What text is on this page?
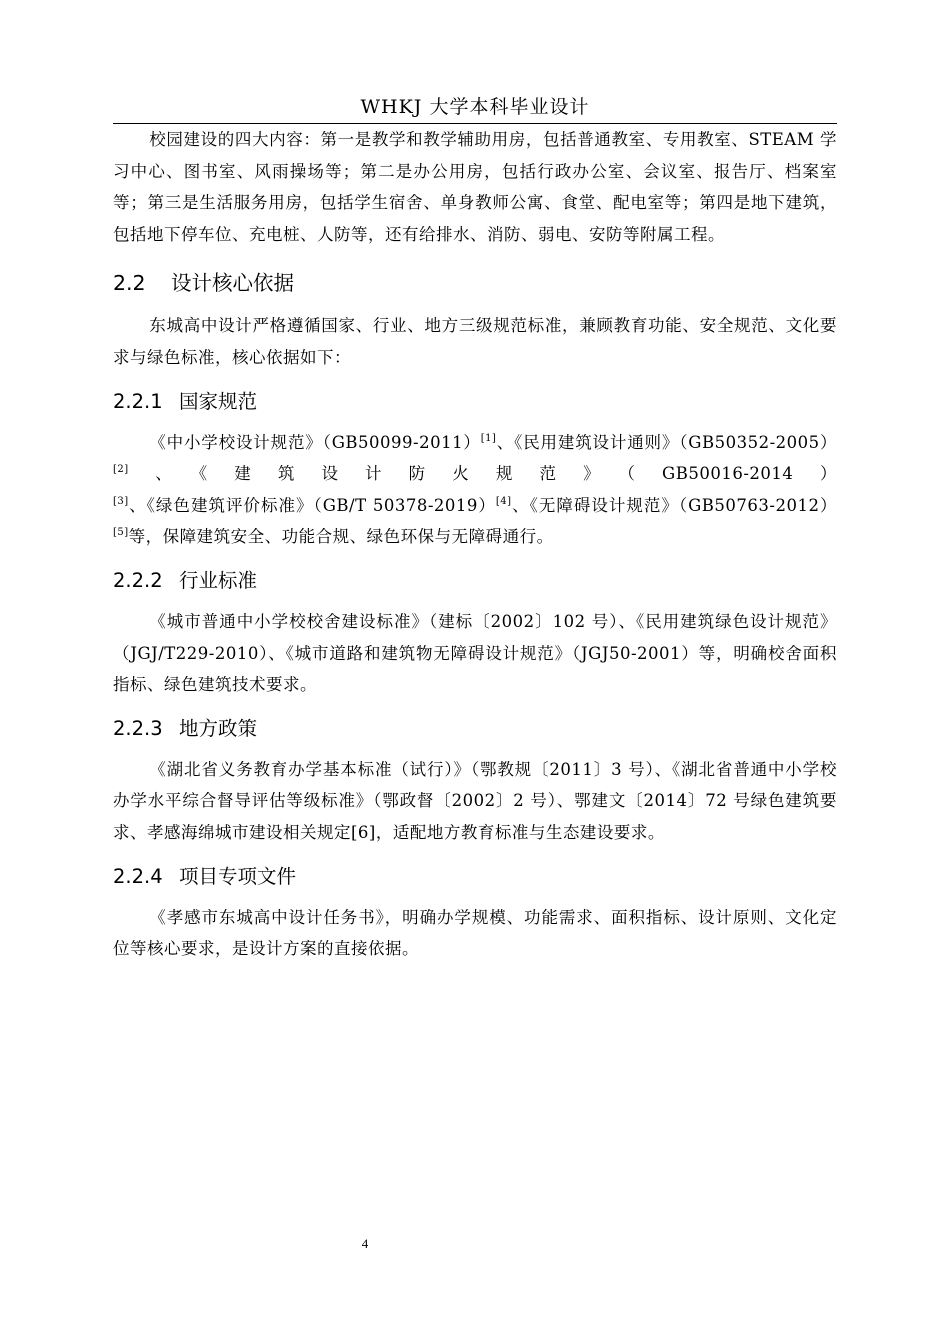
WHKJ 大学本科毕业设计

校园建设的四大内容：第一是教学和教学辅助用房，包括普通教室、专用教室、STEAM 学习中心、图书室、风雨操场等；第二是办公用房，包括行政办公室、会议室、报告厅、档案室等；第三是生活服务用房，包括学生宿舍、单身教师公寓、食堂、配电室等；第四是地下建筑，包括地下停车位、充电桩、人防等，还有给排水、消防、弱电、安防等附属工程。

2.2 设计核心依据

东城高中设计严格遵循国家、行业、地方三级规范标准，兼顾教育功能、安全规范、文化要求与绿色标准，核心依据如下：

2.2.1 国家规范

《中小学校设计规范》（GB50099-2011）[1]、《民用建筑设计通则》（GB50352-2005）[2]、《建筑设计防火规范》（GB50016-2014）[3]、《绿色建筑评价标准》（GB/T 50378-2019）[4]、《无障碍设计规范》（GB50763-2012）[5]等，保障建筑安全、功能合规、绿色环保与无障碍通行。

2.2.2 行业标准

《城市普通中小学校校舍建设标准》（建标〔2002〕102 号）、《民用建筑绿色设计规范》（JGJ/T229-2010）、《城市道路和建筑物无障碍设计规范》（JGJ50-2001）等，明确校舍面积指标、绿色建筑技术要求。

2.2.3 地方政策

《湖北省义务教育办学基本标准（试行）》（鄂教规〔2011〕3 号）、《湖北省普通中小学校办学水平综合督导评估等级标准》（鄂政督〔2002〕2 号）、鄂建文〔2014〕72 号绿色建筑要求、孝感海绵城市建设相关规定[6]，适配地方教育标准与生态建设要求。

2.2.4 项目专项文件

《孝感市东城高中设计任务书》，明确办学规模、功能需求、面积指标、设计原则、文化定位等核心要求，是设计方案的直接依据。

4
